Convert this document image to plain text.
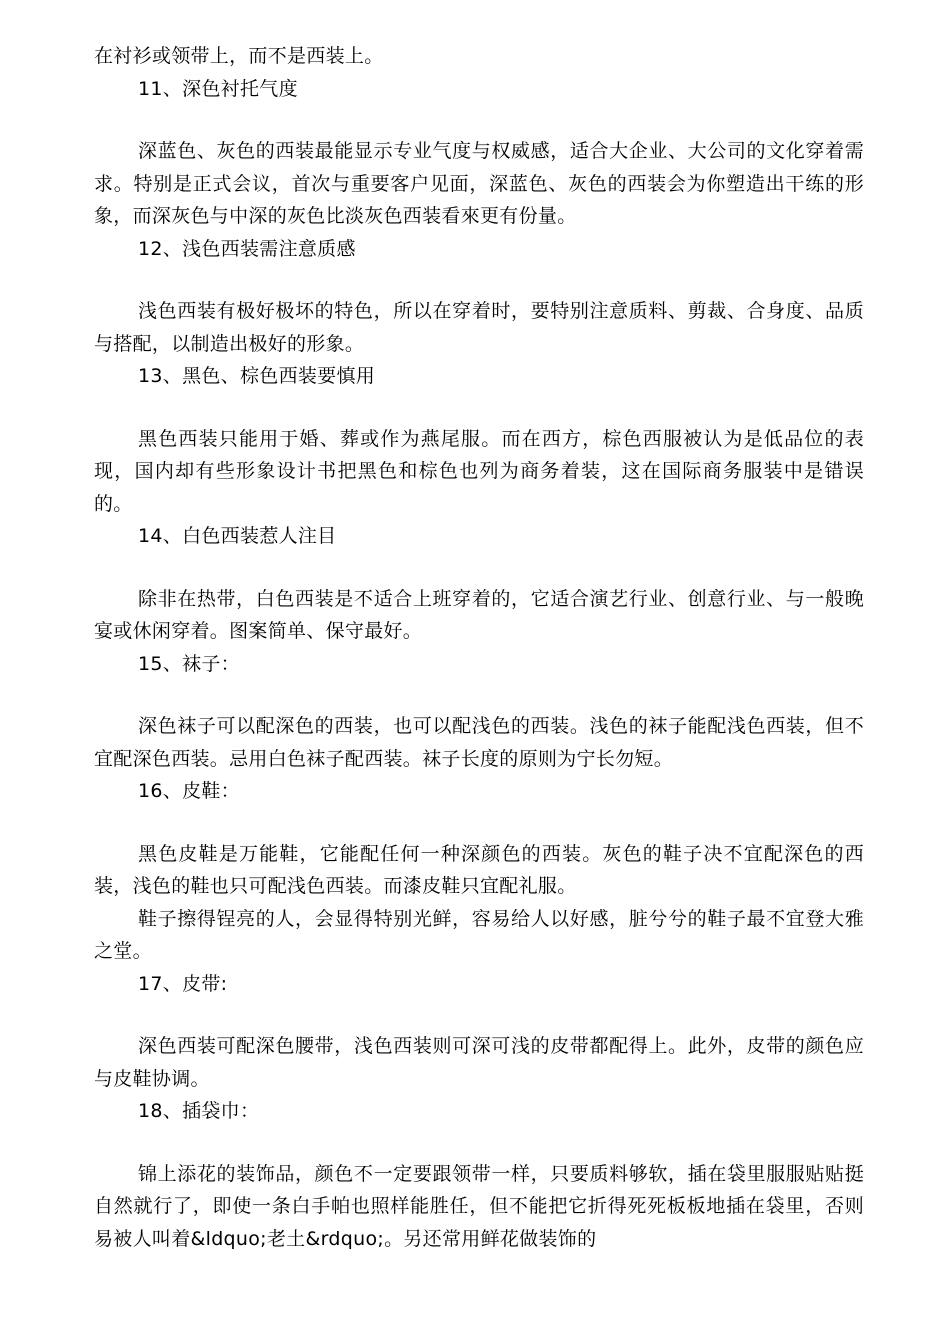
在衬衫或领带上，而不是西装上。

11、深色衬托气度

深蓝色、灰色的西装最能显示专业气度与权威感，适合大企业、大公司的文化穿着需求。特别是正式会议，首次与重要客户见面，深蓝色、灰色的西装会为你塑造出干练的形象，而深灰色与中深的灰色比淡灰色西装看來更有份量。

12、浅色西装需注意质感

浅色西装有极好极坏的特色，所以在穿着时，要特别注意质料、剪裁、合身度、品质与搭配，以制造出极好的形象。

13、黑色、棕色西装要慎用

黑色西装只能用于婚、葬或作为燕尾服。而在西方，棕色西服被认为是低品位的表现，国内却有些形象设计书把黑色和棕色也列为商务着装，这在国际商务服装中是错误的。

14、白色西装惹人注目

除非在热带，白色西装是不适合上班穿着的，它适合演艺行业、创意行业、与一般晚宴或休闲穿着。图案简单、保守最好。

15、袜子：

深色袜子可以配深色的西装，也可以配浅色的西装。浅色的袜子能配浅色西装，但不宜配深色西装。忌用白色袜子配西装。袜子长度的原则为宁长勿短。

16、皮鞋：

黑色皮鞋是万能鞋，它能配任何一种深颜色的西装。灰色的鞋子决不宜配深色的西装，浅色的鞋也只可配浅色西装。而漆皮鞋只宜配礼服。

鞋子擦得锃亮的人，会显得特别光鲜，容易给人以好感，脏兮兮的鞋子最不宜登大雅之堂。

17、皮带:

深色西装可配深色腰带，浅色西装则可深可浅的皮带都配得上。此外，皮带的颜色应与皮鞋协调。

18、插袋巾：

锦上添花的装饰品，颜色不一定要跟领带一样，只要质料够软，插在袋里服服贴贴挺自然就行了，即使一条白手帕也照样能胜任，但不能把它折得死死板板地插在袋里，否则易被人叫着&ldquo;老土&rdquo;。另还常用鲜花做装饰的
